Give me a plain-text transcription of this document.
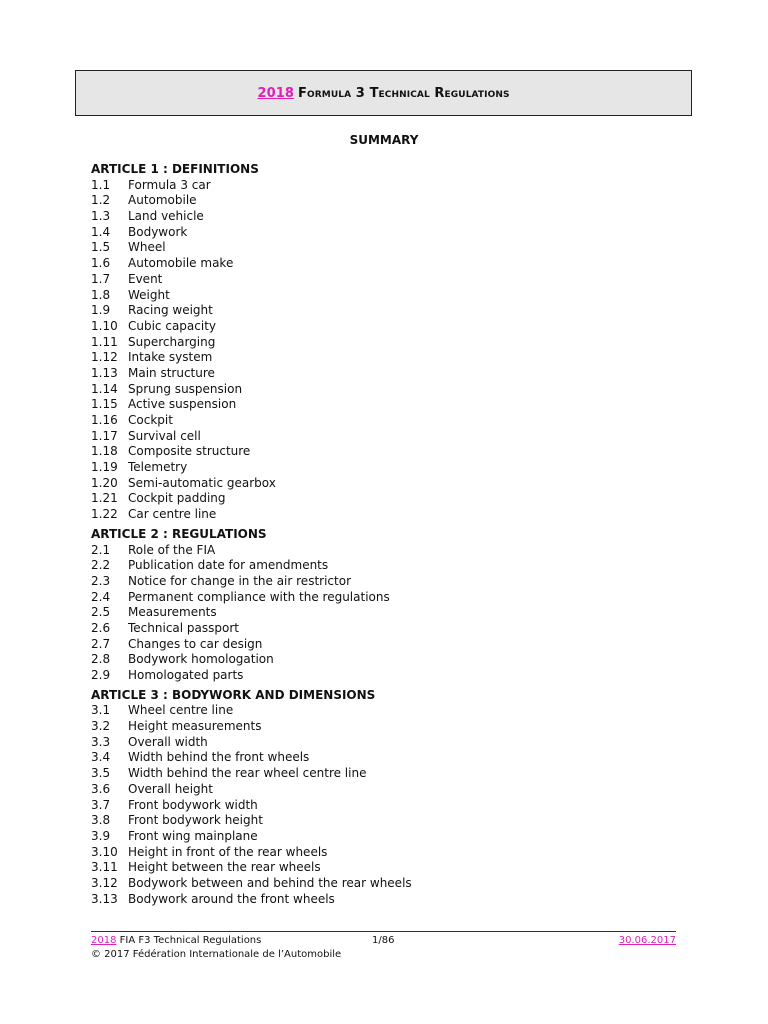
2018 Formula 3 Technical Regulations
SUMMARY
ARTICLE 1 : DEFINITIONS
1.1	Formula 3 car
1.2	Automobile
1.3	Land vehicle
1.4	Bodywork
1.5	Wheel
1.6	Automobile make
1.7	Event
1.8	Weight
1.9	Racing weight
1.10 Cubic capacity
1.11 Supercharging
1.12 Intake system
1.13 Main structure
1.14 Sprung suspension
1.15 Active suspension
1.16 Cockpit
1.17 Survival cell
1.18 Composite structure
1.19 Telemetry
1.20 Semi-automatic gearbox
1.21 Cockpit padding
1.22 Car centre line
ARTICLE 2 : REGULATIONS
2.1	Role of the FIA
2.2	Publication date for amendments
2.3	Notice for change in the air restrictor
2.4	Permanent compliance with the regulations
2.5	Measurements
2.6	Technical passport
2.7	Changes to car design
2.8	Bodywork homologation
2.9	Homologated parts
ARTICLE 3 : BODYWORK AND DIMENSIONS
3.1	Wheel centre line
3.2	Height measurements
3.3	Overall width
3.4	Width behind the front wheels
3.5	Width behind the rear wheel centre line
3.6	Overall height
3.7	Front bodywork width
3.8	Front bodywork height
3.9	Front wing mainplane
3.10 Height in front of the rear wheels
3.11 Height between the rear wheels
3.12 Bodywork between and behind the rear wheels
3.13 Bodywork around the front wheels
2018 FIA F3 Technical Regulations	1/86	30.06.2017
© 2017 Fédération Internationale de l’Automobile
